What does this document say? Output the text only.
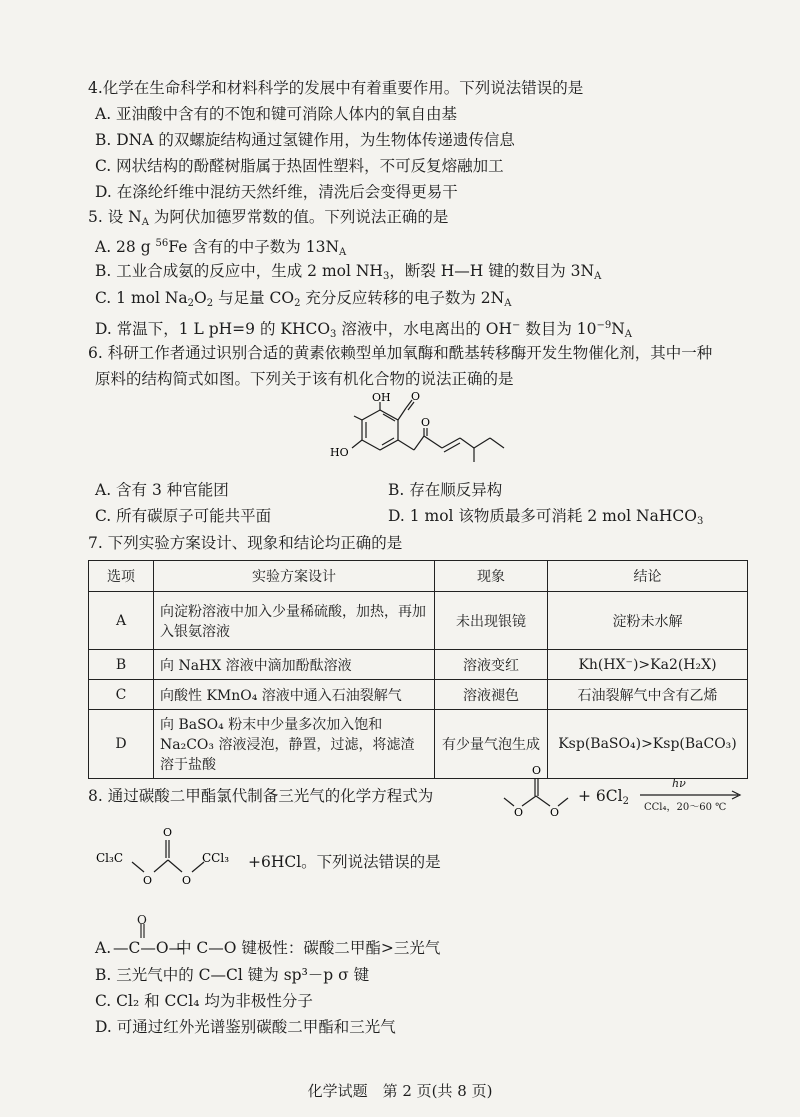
4.化学在生命科学和材料科学的发展中有着重要作用。下列说法错误的是
A. 亚油酸中含有的不饱和键可消除人体内的氧自由基
B. DNA 的双螺旋结构通过氢键作用，为生物体传递遗传信息
C. 网状结构的酚醛树脂属于热固性塑料，不可反复熔融加工
D. 在涤纶纤维中混纺天然纤维，清洗后会变得更易干
5. 设 $N_A$ 为阿伏加德罗常数的值。下列说法正确的是
A. 28 g $^{56}$Fe 含有的中子数为 $13N_A$
B. 工业合成氨的反应中，生成 2 mol $NH_3$，断裂 H—H 键的数目为 $3N_A$
C. 1 mol $Na_2O_2$ 与足量 $CO_2$ 充分反应转移的电子数为 $2N_A$
D. 常温下，1 L pH=9 的 $KHCO_3$ 溶液中，水电离出的 OH− 数目为 $10^{-9}N_A$
6. 科研工作者通过识别合适的黄素依赖型单加氧酶和酰基转移酶开发生物催化剂，其中一种
原料的结构简式如图。下列关于该有机化合物的说法正确的是
OH
HO
O
O
A. 含有 3 种官能团	B. 存在顺反异构
C. 所有碳原子可能共平面	D. 1 mol 该物质最多可消耗 2 mol NaHCO$_3$
7. 下列实验方案设计、现象和结论均正确的是
选项	实验方案设计	现象	结论
A	向淀粉溶液中加入少量稀硫酸，加热，再加入银氨溶液	未出现银镜	淀粉未水解
B	向 NaHX 溶液中滴加酚酞溶液	溶液变红	Kh(HX⁻)>Ka2(H₂X)
C	向酸性 KMnO₄ 溶液中通入石油裂解气	溶液褪色	石油裂解气中含有乙烯
D	向 BaSO₄ 粉末中少量多次加入饱和 Na₂CO₃ 溶液浸泡，静置，过滤，将滤渣溶于盐酸	有少量气泡生成	Ksp(BaSO₄)>Ksp(BaCO₃)
8. 通过碳酸二甲酯氯代制备三光气的化学方程式为
O
O O
+ $6Cl_2$
hν
CCl₄，20～60 ℃
Cl₃C	CCl₃
O
O	O
+6HCl。下列说法错误的是
A.
O
—C—O—
中 C—O 键极性：碳酸二甲酯>三光气
B. 三光气中的 C—Cl 键为 sp³－p σ 键
C. Cl₂ 和 CCl₄ 均为非极性分子
D. 可通过红外光谱鉴别碳酸二甲酯和三光气
化学试题　第 2 页(共 8 页)
